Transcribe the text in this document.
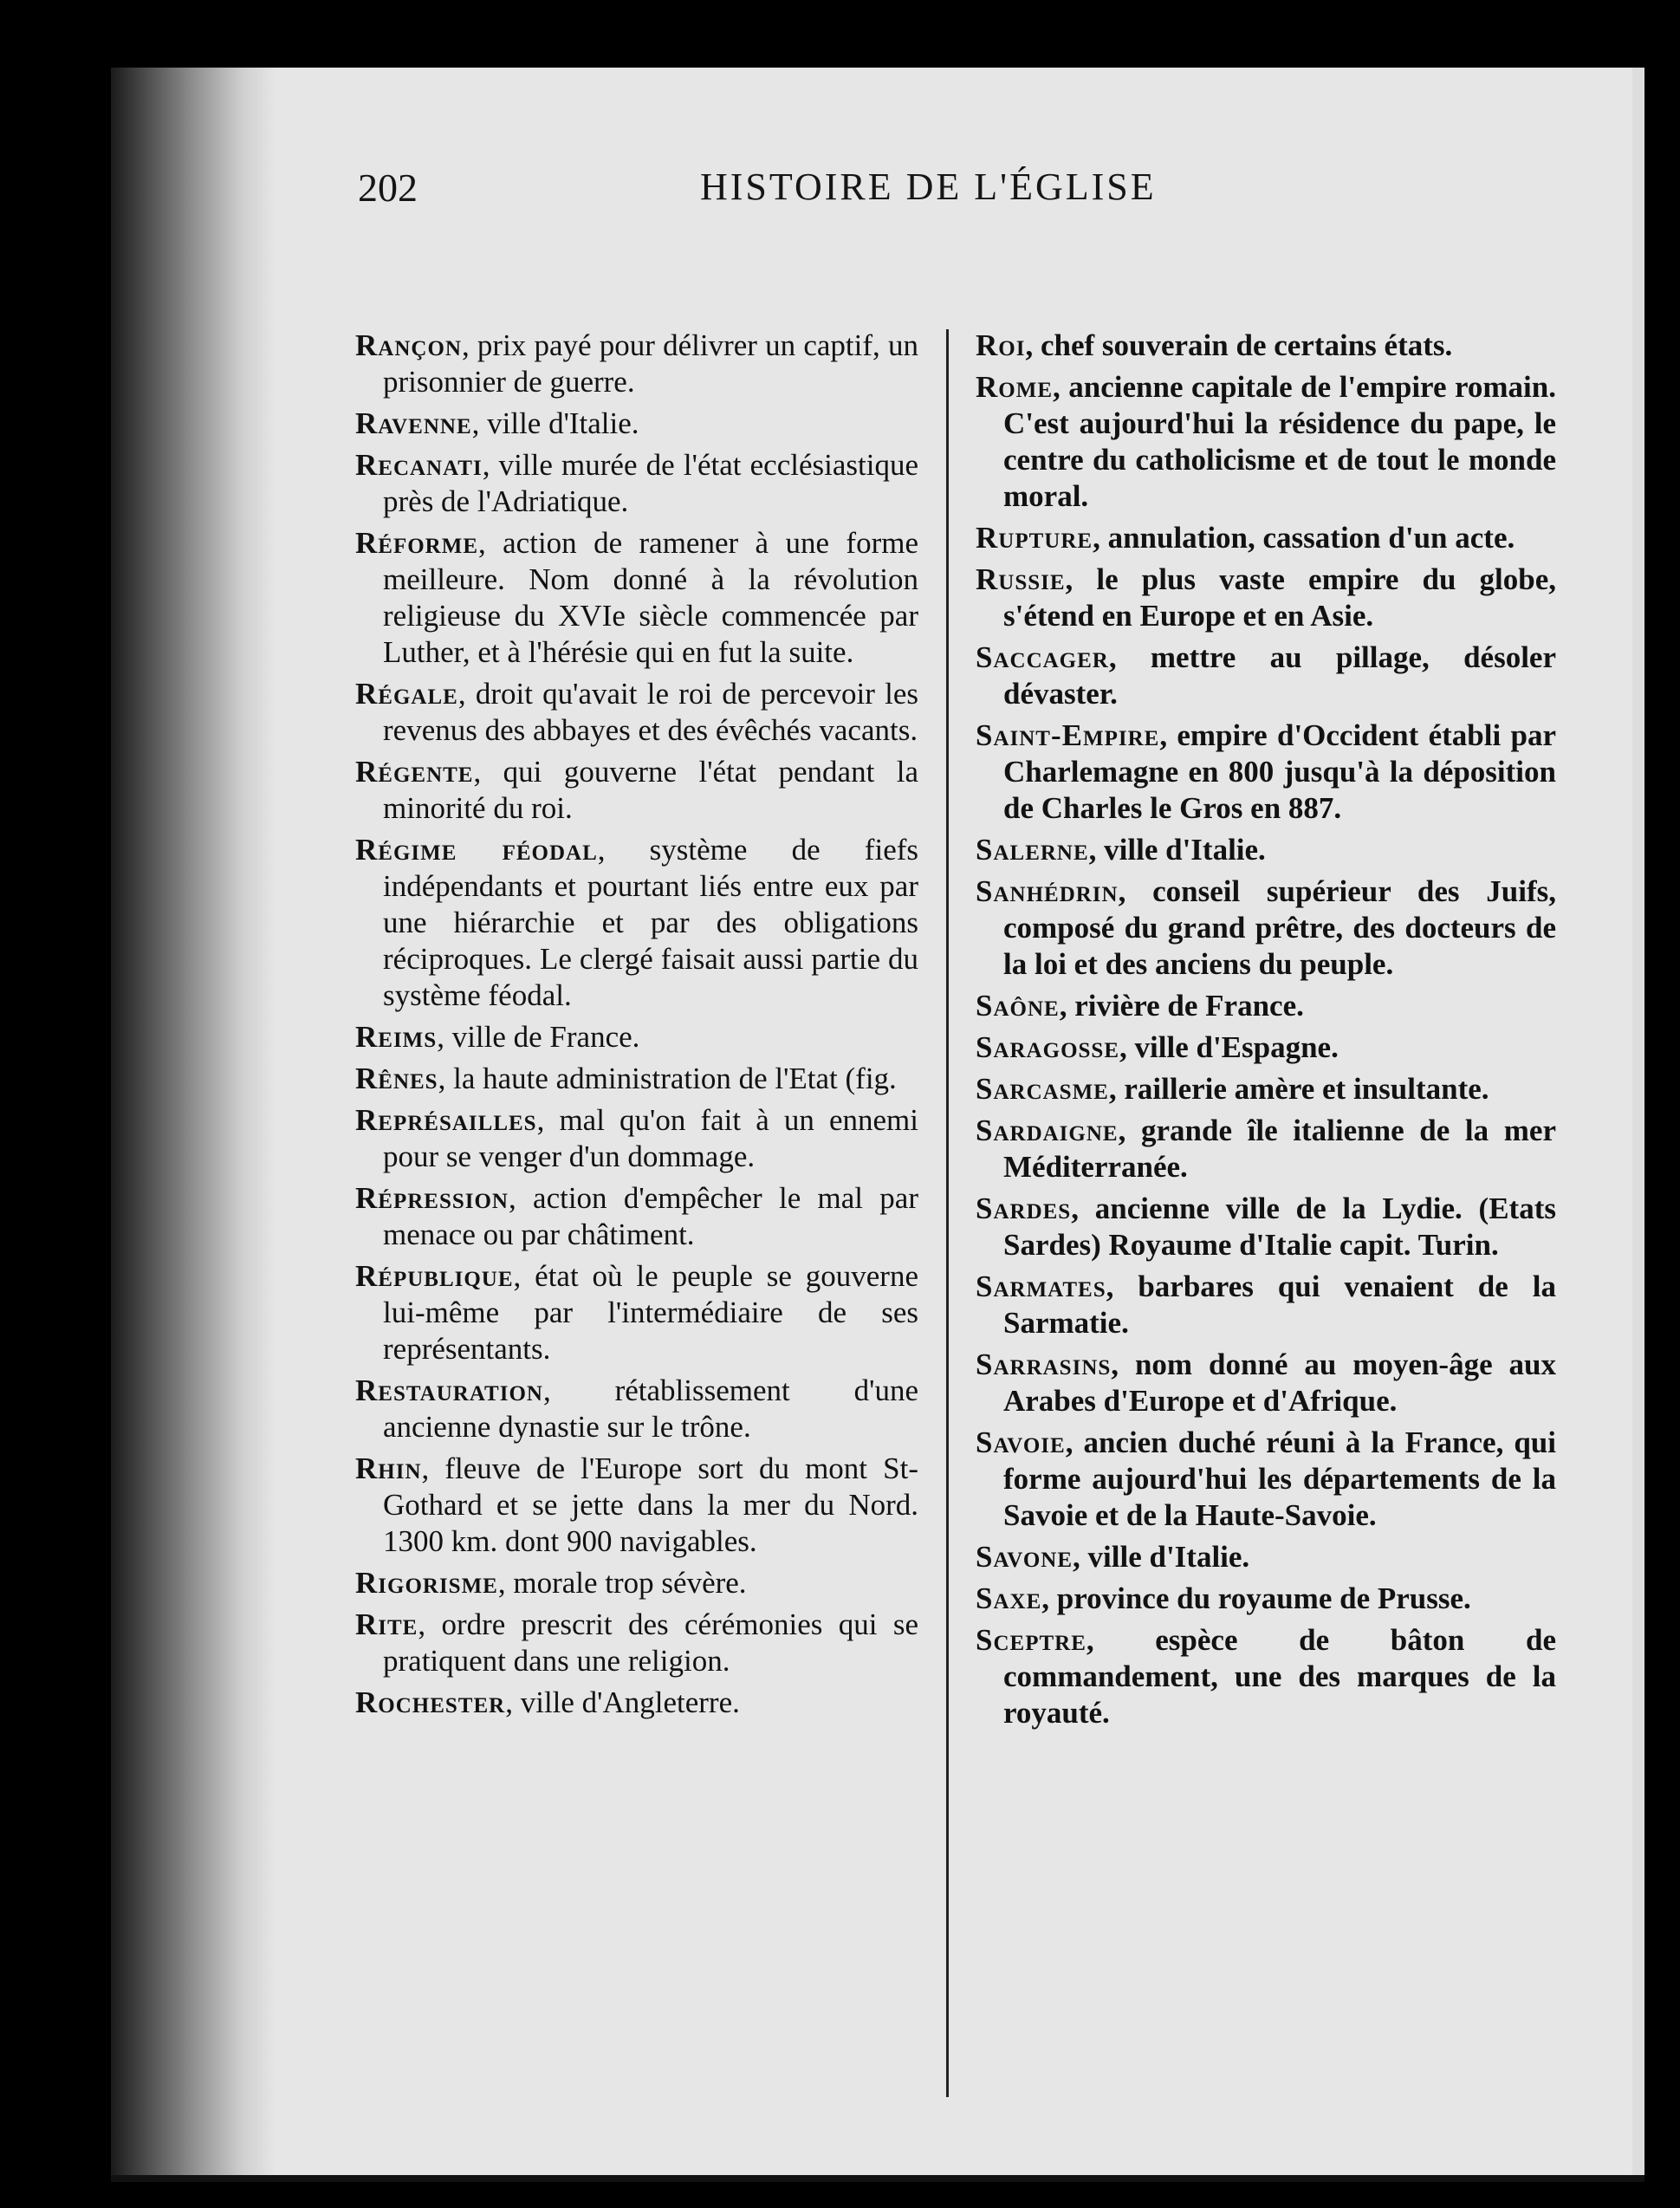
202	HISTOIRE DE L'ÉGLISE

Rançon, prix payé pour délivrer un captif, un prisonnier de guerre.

Ravenne, ville d'Italie.

Recanati, ville murée de l'état ecclésiastique près de l'Adriatique.

Réforme, action de ramener à une forme meilleure. Nom donné à la révolution religieuse du XVIe siècle commencée par Luther, et à l'hérésie qui en fut la suite.

Régale, droit qu'avait le roi de percevoir les revenus des abbayes et des évêchés vacants.

Régente, qui gouverne l'état pendant la minorité du roi.

Régime féodal, système de fiefs indépendants et pourtant liés entre eux par une hiérarchie et par des obligations réciproques. Le clergé faisait aussi partie du système féodal.

Reims, ville de France.

Rênes, la haute administration de l'Etat (fig.

Représailles, mal qu'on fait à un ennemi pour se venger d'un dommage.

Répression, action d'empêcher le mal par menace ou par châtiment.

République, état où le peuple se gouverne lui-même par l'intermédiaire de ses représentants.

Restauration, rétablissement d'une ancienne dynastie sur le trône.

Rhin, fleuve de l'Europe sort du mont St-Gothard et se jette dans la mer du Nord. 1300 km. dont 900 navigables.

Rigorisme, morale trop sévère.

Rite, ordre prescrit des cérémonies qui se pratiquent dans une religion.

Rochester, ville d'Angleterre.

Roi, chef souverain de certains états.

Rome, ancienne capitale de l'empire romain. C'est aujourd'hui la résidence du pape, le centre du catholicisme et de tout le monde moral.

Rupture, annulation, cassation d'un acte.

Russie, le plus vaste empire du globe, s'étend en Europe et en Asie.

Saccager, mettre au pillage, désoler dévaster.

Saint-Empire, empire d'Occident établi par Charlemagne en 800 jusqu'à la déposition de Charles le Gros en 887.

Salerne, ville d'Italie.

Sanhédrin, conseil supérieur des Juifs, composé du grand prêtre, des docteurs de la loi et des anciens du peuple.

Saône, rivière de France.

Saragosse, ville d'Espagne.

Sarcasme, raillerie amère et insultante.

Sardaigne, grande île italienne de la mer Méditerranée.

Sardes, ancienne ville de la Lydie. (Etats Sardes) Royaume d'Italie capit. Turin.

Sarmates, barbares qui venaient de la Sarmatie.

Sarrasins, nom donné au moyen-âge aux Arabes d'Europe et d'Afrique.

Savoie, ancien duché réuni à la France, qui forme aujourd'hui les départements de la Savoie et de la Haute-Savoie.

Savone, ville d'Italie.

Saxe, province du royaume de Prusse.

Sceptre, espèce de bâton de commandement, une des marques de la royauté.
